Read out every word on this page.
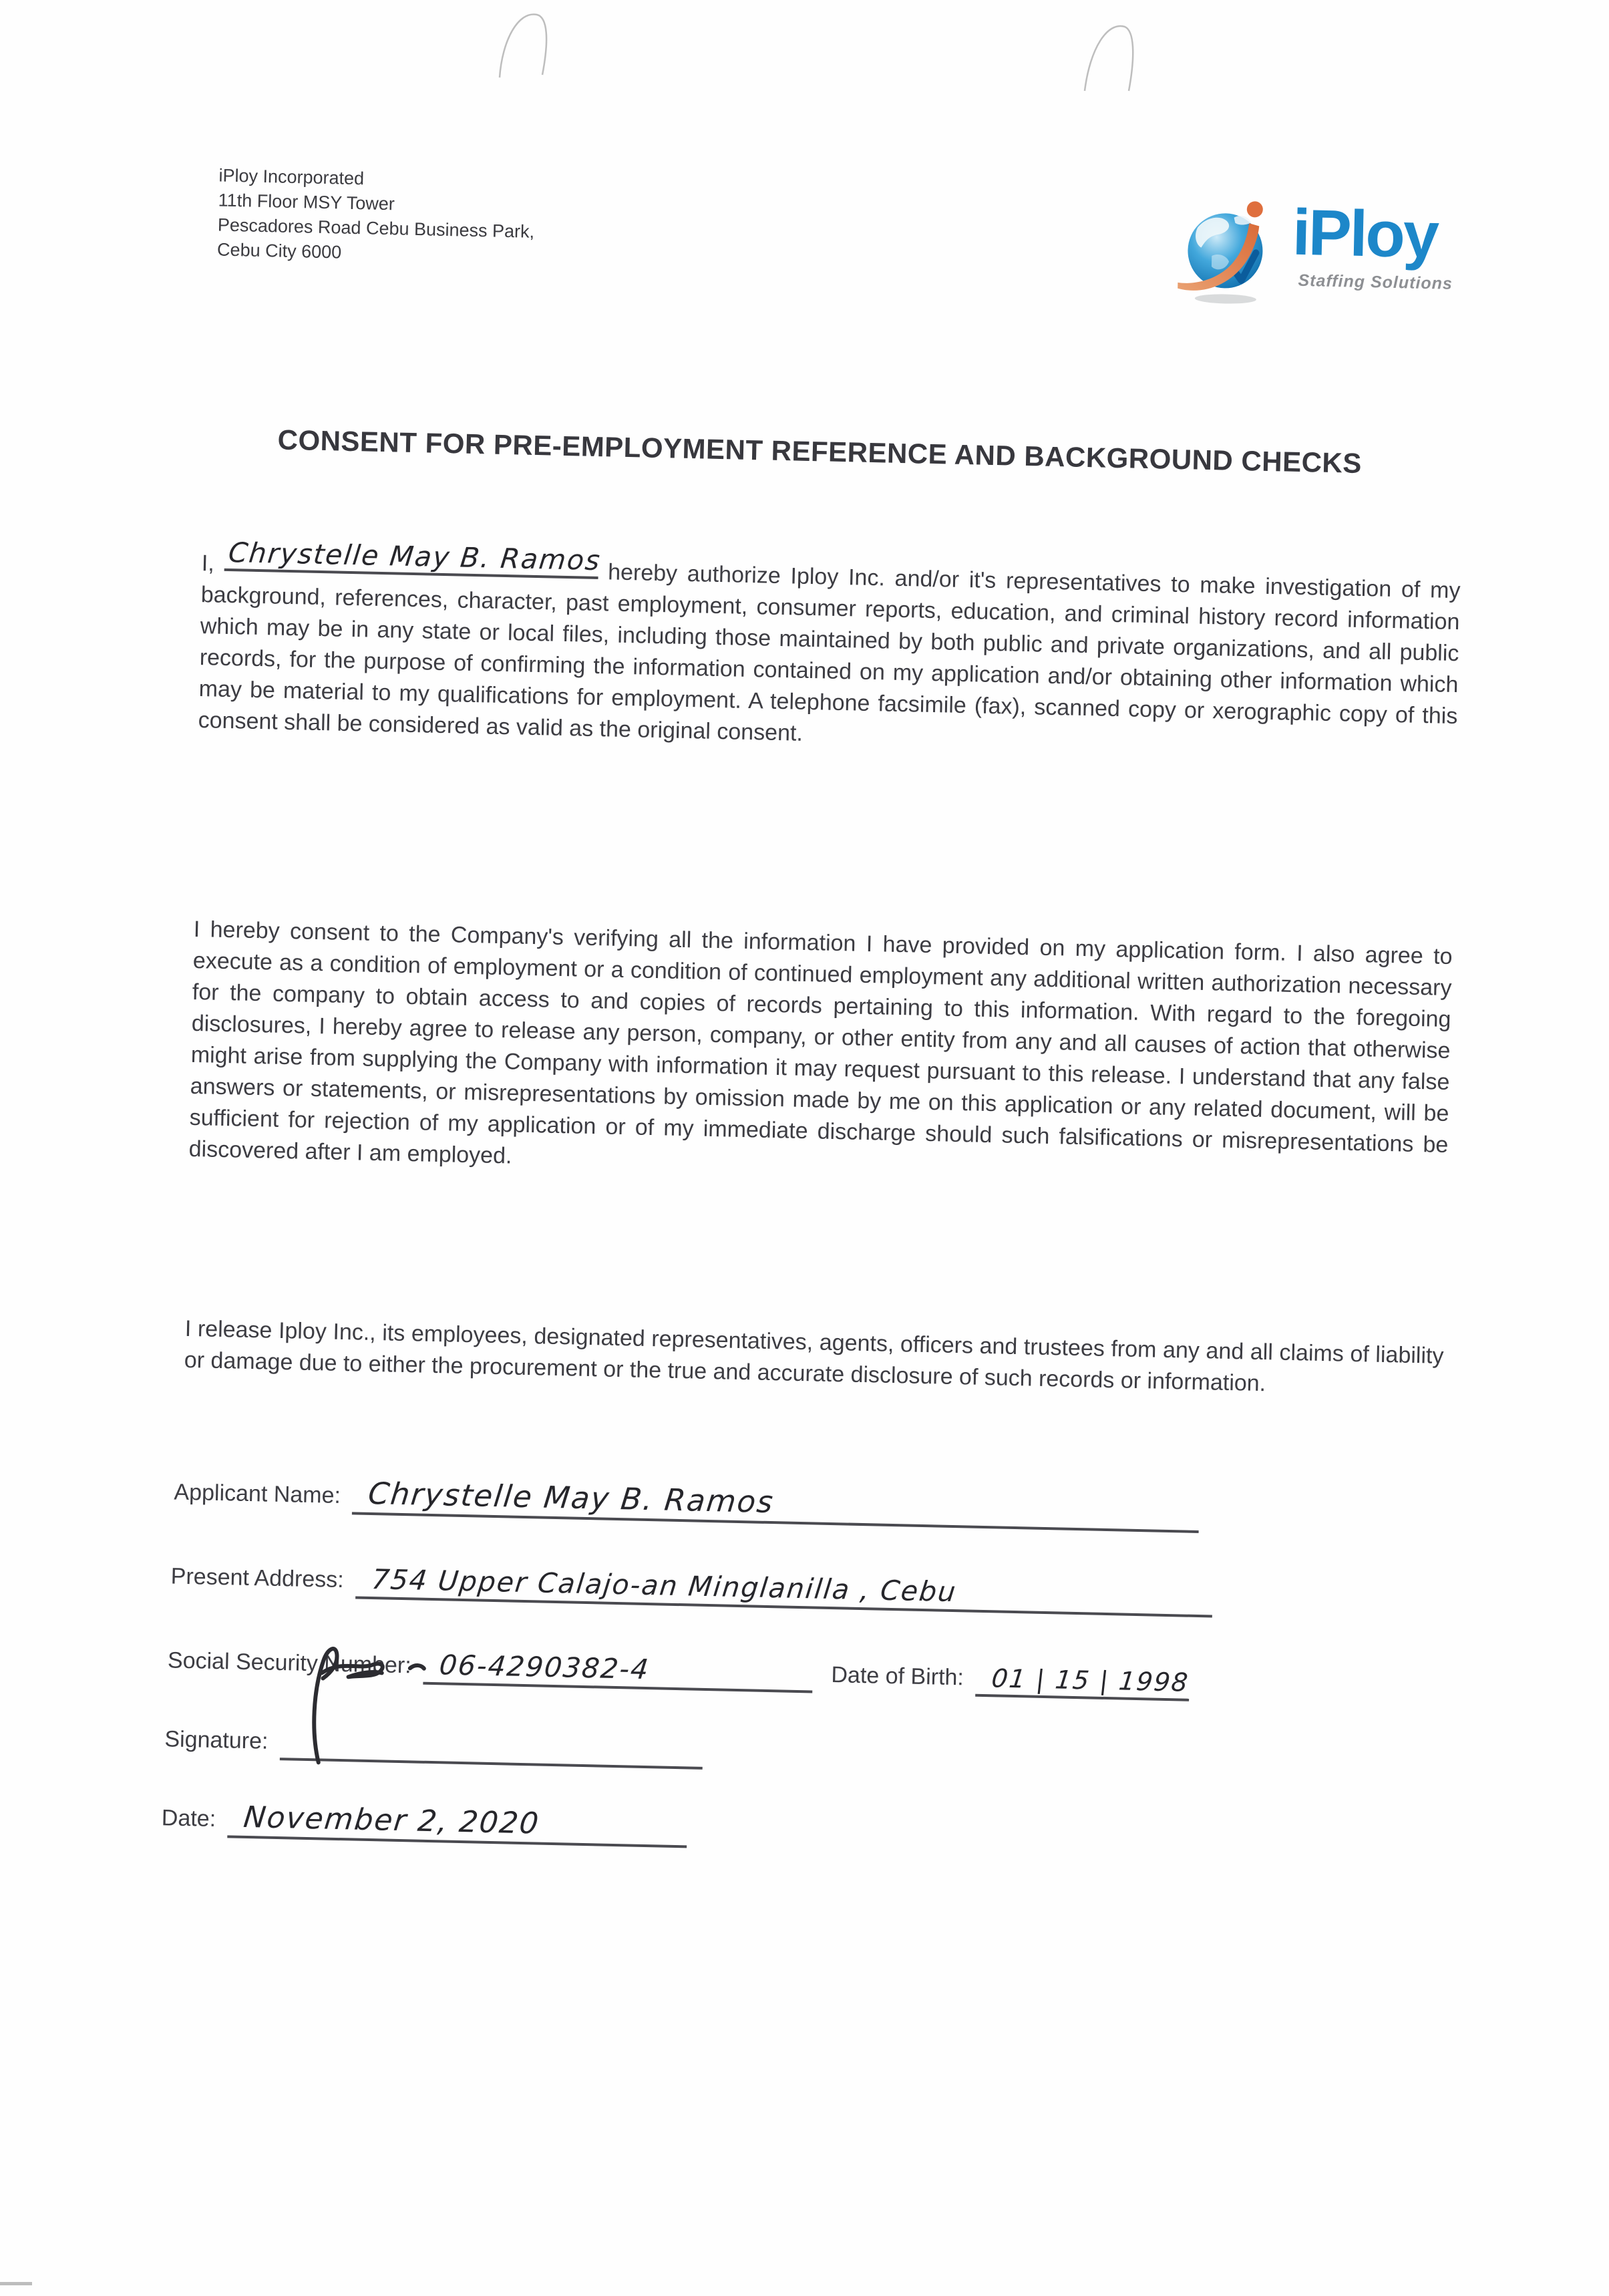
iPloy Incorporated
11th Floor MSY Tower
Pescadores Road Cebu Business Park,
Cebu City 6000	iPloy
Staffing Solutions
CONSENT FOR PRE-EMPLOYMENT REFERENCE AND BACKGROUND CHECKS
I, Chrystelle May B. Ramos
hereby authorize Iploy Inc. and/or it's representatives to make investigation of my background, references, character, past employment, consumer reports, education, and criminal history record information which may be in any state or local files, including those maintained by both public and private organizations, and all public records, for the purpose of confirming the information contained on my application and/or obtaining other information which may be material to my qualifications for employment. A telephone facsimile (fax), scanned copy or xerographic copy of this consent shall be considered as valid as the original consent.
I hereby consent to the Company's verifying all the information I have provided on my application form. I also agree to execute as a condition of employment or a condition of continued employment any additional written authorization necessary for the company to obtain access to and copies of records pertaining to this information. With regard to the foregoing disclosures, I hereby agree to release any person, company, or other entity from any and all causes of action that otherwise might arise from supplying the Company with information it may request pursuant to this release. I understand that any false answers or statements, or misrepresentations by omission made by me on this application or any related document, will be sufficient for rejection of my application or of my immediate discharge should such falsifications or misrepresentations be discovered after I am employed.
I release Iploy Inc., its employees, designated representatives, agents, officers and trustees from any and all claims of liability or damage due to either the procurement or the true and accurate disclosure of such records or information.
Applicant Name: Chrystelle May B. Ramos
Present Address: 754 Upper Calajo-an Minglanilla , Cebu
Social Security Number: 06-4290382-4	Date of Birth: 01 | 15 | 1998
Signature:
Date: November 2, 2020
